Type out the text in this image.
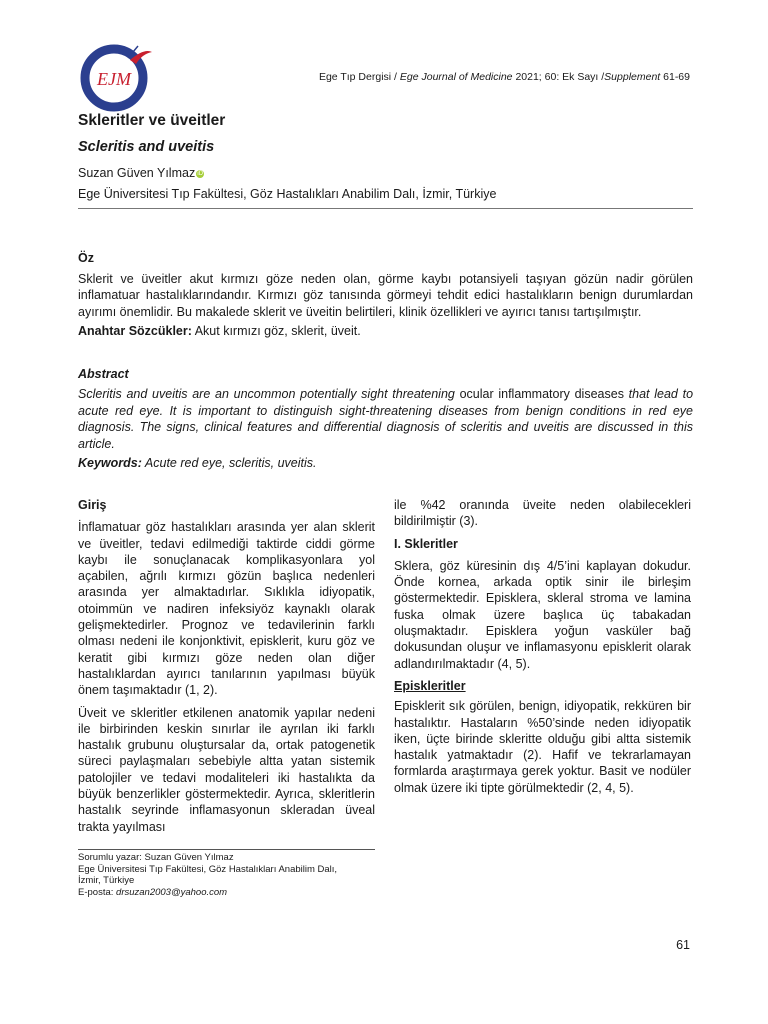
EJM	Ege Tıp Dergisi / Ege Journal of Medicine 2021; 60: Ek Sayı /Supplement 61-69
Skleritler ve üveitler
Scleritis and uveitis
Suzan Güven Yılmaz iD
Ege Üniversitesi Tıp Fakültesi, Göz Hastalıkları Anabilim Dalı, İzmir, Türkiye
Öz

Sklerit ve üveitler akut kırmızı göze neden olan, görme kaybı potansiyeli taşıyan gözün nadir görülen inflamatuar hastalıklarındandır. Kırmızı göz tanısında görmeyi tehdit edici hastalıkların benign durumlardan ayırımı önemlidir. Bu makalede sklerit ve üveitin belirtileri, klinik özellikleri ve ayırıcı tanısı tartışılmıştır.

Anahtar Sözcükler: Akut kırmızı göz, sklerit, üveit.

Abstract

Scleritis and uveitis are an uncommon potentially sight threatening ocular inflammatory diseases that lead to acute red eye. It is important to distinguish sight-threatening diseases from benign conditions in red eye diagnosis. The signs, clinical features and differential diagnosis of scleritis and uveitis are discussed in this article.

Keywords: Acute red eye, scleritis, uveitis.

Giriş

İnflamatuar göz hastalıkları arasında yer alan sklerit ve üveitler, tedavi edilmediği taktirde ciddi görme kaybı ile sonuçlanacak komplikasyonlara yol açabilen, ağrılı kırmızı gözün başlıca nedenleri arasında yer almaktadırlar. Sıklıkla idiyopatik, otoimmün ve nadiren infeksiyöz kaynaklı olarak gelişmektedirler. Prognoz ve tedavilerinin farklı olması nedeni ile konjonktivit, episklerit, kuru göz ve keratit gibi kırmızı göze neden olan diğer hastalıklardan ayırıcı tanılarının yapılması büyük önem taşımaktadır (1, 2).

Üveit ve skleritler etkilenen anatomik yapılar nedeni ile birbirinden keskin sınırlar ile ayrılan iki farklı hastalık grubunu oluştursalar da, ortak patogenetik süreci paylaşmaları sebebiyle altta yatan sistemik patolojiler ve tedavi modaliteleri iki hastalıkta da büyük benzerlikler göstermektedir. Ayrıca, skleritlerin hastalık seyrinde inflamasyonun skleradan üveal trakta yayılması

ile %42 oranında üveite neden olabilecekleri bildirilmiştir (3).

I. Skleritler

Sklera, göz küresinin dış 4/5’ini kaplayan dokudur. Önde kornea, arkada optik sinir ile birleşim göstermektedir. Episklera, skleral stroma ve lamina fuska olmak üzere başlıca üç tabakadan oluşmaktadır. Episklera yoğun vasküler bağ dokusundan oluşur ve inflamasyonu episklerit olarak adlandırılmaktadır (4, 5).

Episkleritler

Episklerit sık görülen, benign, idiyopatik, rekküren bir hastalıktır. Hastaların %50’sinde neden idiyopatik iken, üçte birinde skleritte olduğu gibi altta sistemik hastalık yatmaktadır (2). Hafif ve tekrarlamayan formlarda araştırmaya gerek yoktur. Basit ve nodüler olmak üzere iki tipte görülmektedir (2, 4, 5).

Sorumlu yazar: Suzan Güven Yılmaz
Ege Üniversitesi Tıp Fakültesi, Göz Hastalıkları Anabilim Dalı,
İzmir, Türkiye
E-posta: drsuzan2003@yahoo.com
61
